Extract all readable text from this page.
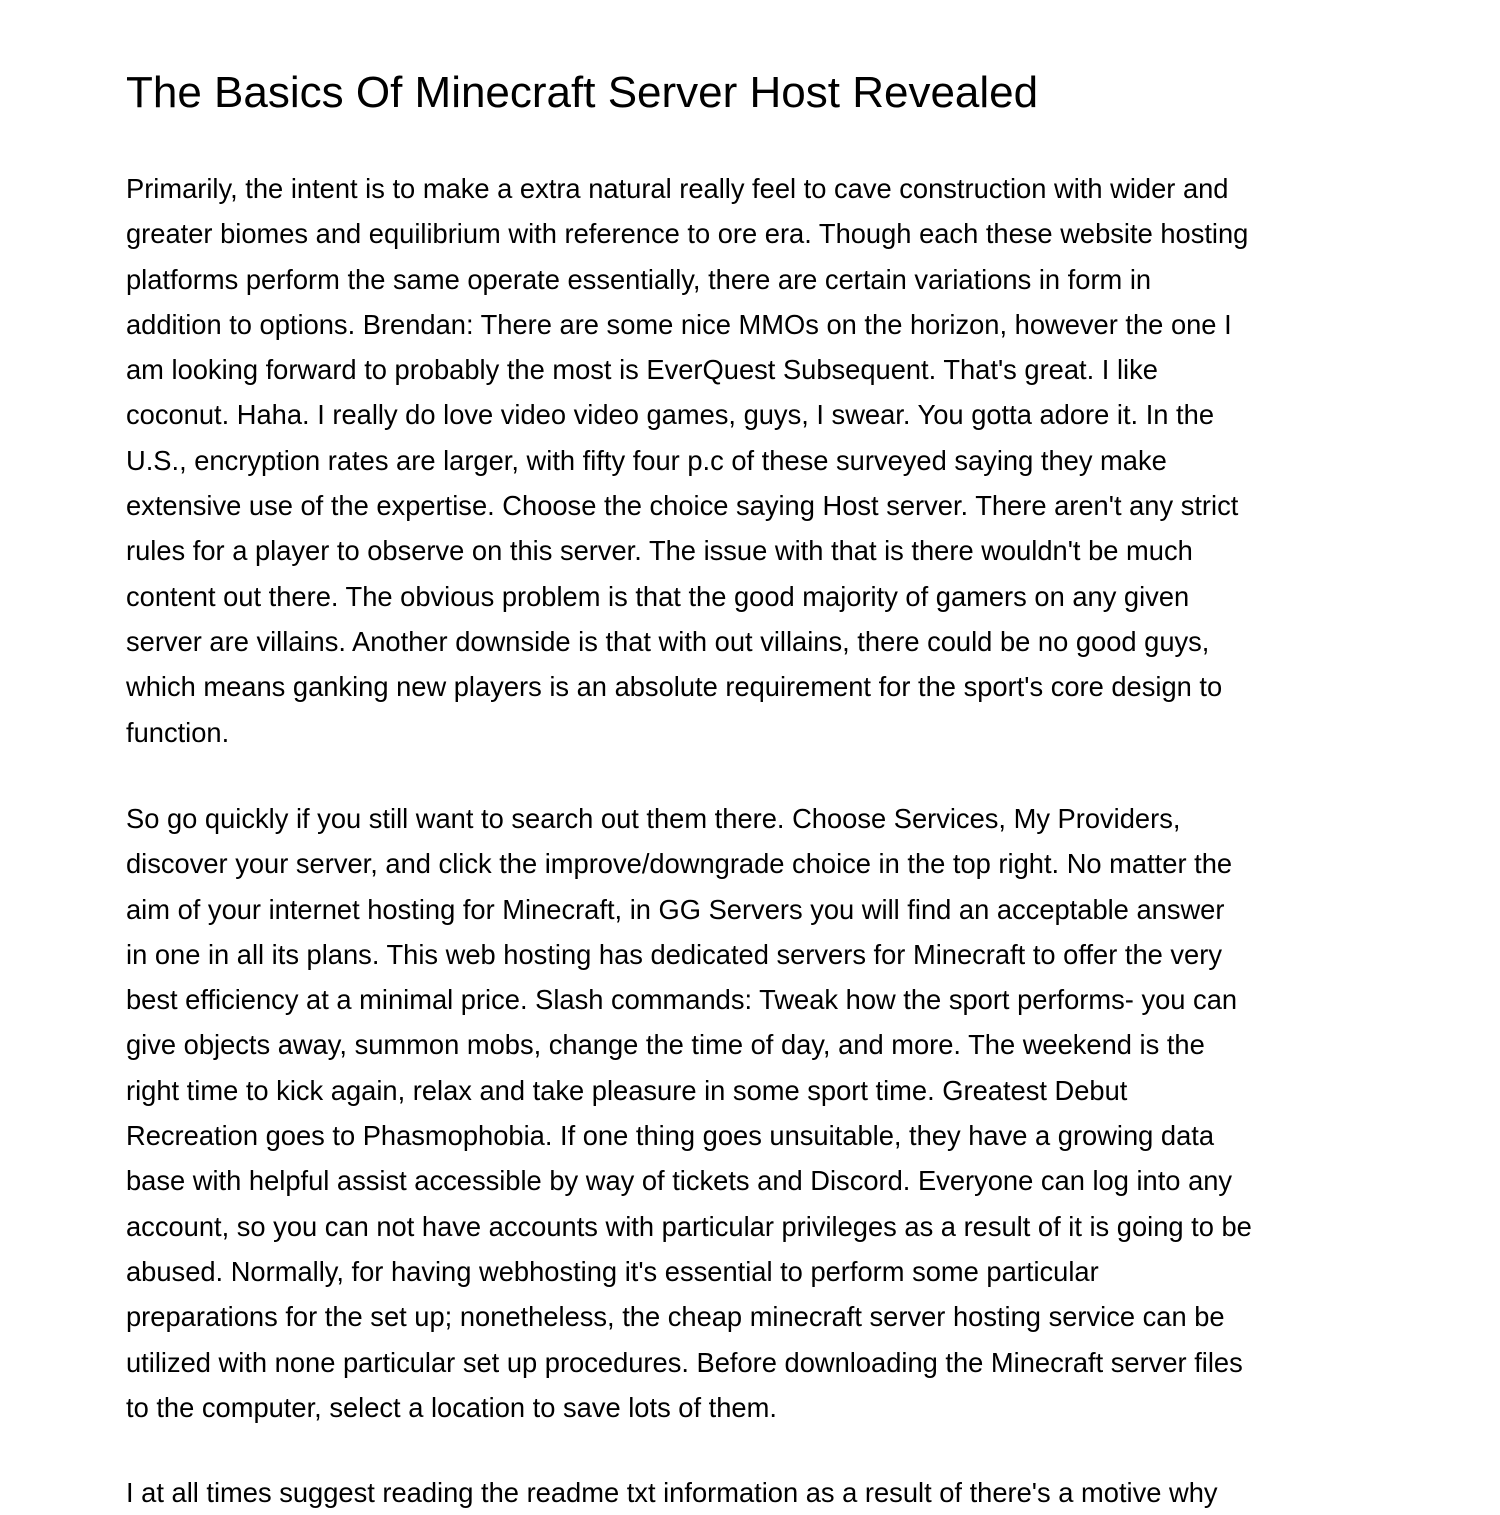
The Basics Of Minecraft Server Host Revealed
Primarily, the intent is to make a extra natural really feel to cave construction with wider and
greater biomes and equilibrium with reference to ore era. Though each these website hosting
platforms perform the same operate essentially, there are certain variations in form in
addition to options. Brendan: There are some nice MMOs on the horizon, however the one I
am looking forward to probably the most is EverQuest Subsequent. That's great. I like
coconut. Haha. I really do love video video games, guys, I swear. You gotta adore it. In the
U.S., encryption rates are larger, with fifty four p.c of these surveyed saying they make
extensive use of the expertise. Choose the choice saying Host server. There aren't any strict
rules for a player to observe on this server. The issue with that is there wouldn't be much
content out there. The obvious problem is that the good majority of gamers on any given
server are villains. Another downside is that with out villains, there could be no good guys,
which means ganking new players is an absolute requirement for the sport's core design to
function.
So go quickly if you still want to search out them there. Choose Services, My Providers,
discover your server, and click the improve/downgrade choice in the top right. No matter the
aim of your internet hosting for Minecraft, in GG Servers you will find an acceptable answer
in one in all its plans. This web hosting has dedicated servers for Minecraft to offer the very
best efficiency at a minimal price. Slash commands: Tweak how the sport performs- you can
give objects away, summon mobs, change the time of day, and more. The weekend is the
right time to kick again, relax and take pleasure in some sport time. Greatest Debut
Recreation goes to Phasmophobia. If one thing goes unsuitable, they have a growing data
base with helpful assist accessible by way of tickets and Discord. Everyone can log into any
account, so you can not have accounts with particular privileges as a result of it is going to be
abused. Normally, for having webhosting it's essential to perform some particular
preparations for the set up; nonetheless, the cheap minecraft server hosting service can be
utilized with none particular set up procedures. Before downloading the Minecraft server files
to the computer, select a location to save lots of them.
I at all times suggest reading the readme txt information as a result of there's a motive why
